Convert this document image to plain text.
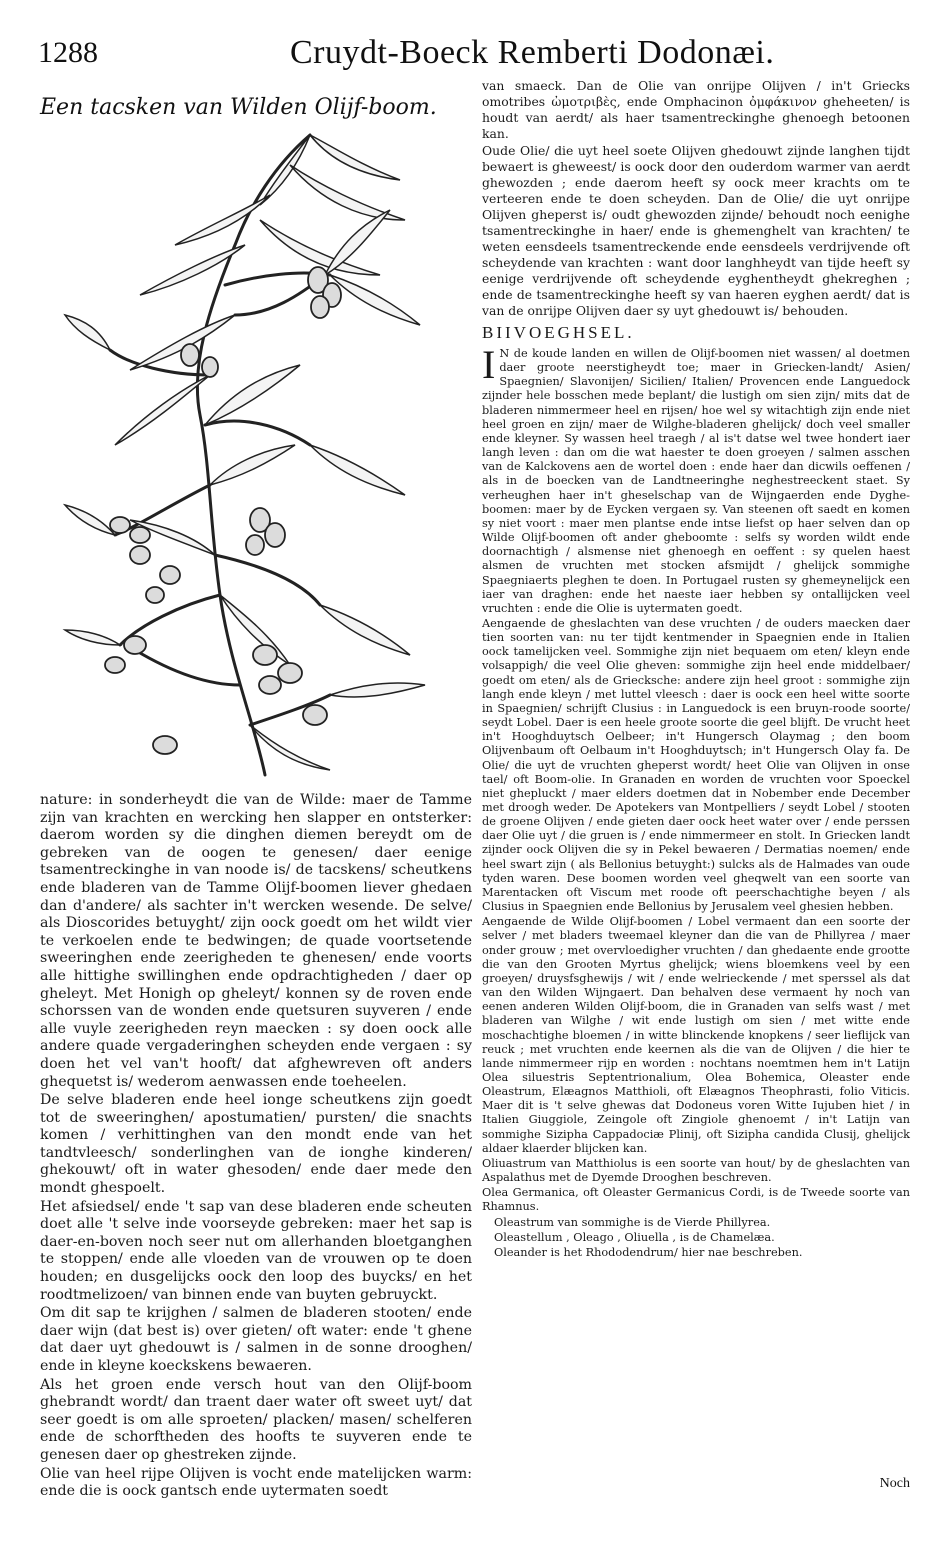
1288	Cruydt-Boeck Remberti Dodonæi.
Een tacsken van Wilden Olijf-boom.

nature: in sonderheydt die van de Wilde: maer de Tamme zijn van krachten en wercking hen slapper en ontsterker: daerom worden sy die dinghen diemen bereydt om de gebreken van de oogen te genesen/ daer eenige tsamentreckinghe in van noode is/ de tacskens/ scheutkens ende bladeren van de Tamme Olijf-boomen liever ghedaen dan d'andere/ als sachter in't wercken wesende. De selve/ als Dioscorides betuyght/ zijn oock goedt om het wildt vier te verkoelen ende te bedwingen; de quade voortsetende sweeringhen ende zeerigheden te ghenesen/ ende voorts alle hittighe swillinghen ende opdrachtigheden / daer op gheleyt. Met Honigh op gheleyt/ konnen sy de roven ende schorssen van de wonden ende quetsuren suyveren / ende alle vuyle zeerigheden reyn maecken : sy doen oock alle andere quade vergaderinghen scheyden ende vergaen : sy doen het vel van't hooft/ dat afghewreven oft anders ghequetst is/ wederom aenwassen ende toeheelen.

De selve bladeren ende heel ionge scheutkens zijn goedt tot de sweeringhen/ apostumatien/ pursten/ die snachts komen / verhittinghen van den mondt ende van het tandtvleesch/ sonderlinghen van de ionghe kinderen/ ghekouwt/ oft in water ghesoden/ ende daer mede den mondt ghespoelt.

Het afsiedsel/ ende 't sap van dese bladeren ende scheuten doet alle 't selve inde voorseyde gebreken: maer het sap is daer-en-boven noch seer nut om allerhanden bloetganghen te stoppen/ ende alle vloeden van de vrouwen op te doen houden; en dusgelijcks oock den loop des buycks/ en het roodtmelizoen/ van binnen ende van buyten gebruyckt.

Om dit sap te krijghen / salmen de bladeren stooten/ ende daer wijn (dat best is) over gieten/ oft water: ende 't ghene dat daer uyt ghedouwt is / salmen in de sonne drooghen/ ende in kleyne koeckskens bewaeren.

Als het groen ende versch hout van den Olijf-boom ghebrandt wordt/ dan traent daer water oft sweet uyt/ dat seer goedt is om alle sproeten/ placken/ masen/ schelferen ende de schorftheden des hoofts te suyveren ende te genesen daer op ghestreken zijnde.

Olie van heel rijpe Olijven is vocht ende matelijcken warm: ende die is oock gantsch ende uytermaten soedt

van smaeck. Dan de Olie van onrijpe Olijven / in't Griecks omotribes ὠμοτριβὲς, ende Omphacinon ὀμφάκινον gheheeten/ is houdt van aerdt/ als haer tsamentreckinghe ghenoegh betoonen kan.

Oude Olie/ die uyt heel soete Olijven ghedouwt zijnde langhen tijdt bewaert is gheweest/ is oock door den ouderdom warmer van aerdt ghewozden ; ende daerom heeft sy oock meer krachts om te verteeren ende te doen scheyden. Dan de Olie/ die uyt onrijpe Olijven gheperst is/ oudt ghewozden zijnde/ behoudt noch eenighe tsamentreckinghe in haer/ ende is ghemenghelt van krachten/ te weten eensdeels tsamentreckende ende eensdeels verdrijvende oft scheydende van krachten : want door langhheydt van tijde heeft sy eenige verdrijvende oft scheydende eyghentheydt ghekreghen ; ende de tsamentreckinghe heeft sy van haeren eyghen aerdt/ dat is van de onrijpe Olijven daer sy uyt ghedouwt is/ behouden.

BIIVOEGHSEL.

I N de koude landen en willen de Olijf-boomen niet wassen/ al doetmen daer groote neerstigheydt toe; maer in Griecken-landt/ Asien/ Spaegnien/ Slavonijen/ Sicilien/ Italien/ Provencen ende Languedock zijnder hele bosschen mede beplant/ die lustigh om sien zijn/ mits dat de bladeren nimmermeer heel en rijsen/ hoe wel sy witachtigh zijn ende niet heel groen en zijn/ maer de Wilghe-bladeren ghelijck/ doch veel smaller ende kleyner. Sy wassen heel traegh / al is't datse wel twee hondert iaer langh leven : dan om die wat haester te doen groeyen / salmen asschen van de Kalckovens aen de wortel doen : ende haer dan dicwils oeffenen / als in de boecken van de Landtneeringhe neghestreeckent staet. Sy verheughen haer in't gheselschap van de Wijngaerden ende Dyghe-boomen: maer by de Eycken vergaen sy. Van steenen oft saedt en komen sy niet voort : maer men plantse ende intse liefst op haer selven dan op Wilde Olijf-boomen oft ander gheboomte : selfs sy worden wildt ende doornachtigh / alsmense niet ghenoegh en oeffent : sy quelen haest alsmen de vruchten met stocken afsmijdt / ghelijck sommighe Spaegniaerts pleghen te doen. In Portugael rusten sy ghemeynelijck een iaer van draghen: ende het naeste iaer hebben sy ontallijcken veel vruchten : ende die Olie is uytermaten goedt.

Aengaende de gheslachten van dese vruchten / de ouders maecken daer tien soorten van: nu ter tijdt kentmender in Spaegnien ende in Italien oock tamelijcken veel. Sommighe zijn niet bequaem om eten/ kleyn ende volsappigh/ die veel Olie gheven: sommighe zijn heel ende middelbaer/ goedt om eten/ als de Griecksche: andere zijn heel groot : sommighe zijn langh ende kleyn / met luttel vleesch : daer is oock een heel witte soorte in Spaegnien/ schrijft Clusius : in Languedock is een bruyn-roode soorte/ seydt Lobel. Daer is een heele groote soorte die geel blijft. De vrucht heet in't Hooghduytsch Oelbeer; in't Hungersch Olaymag ; den boom Olijvenbaum oft Oelbaum in't Hooghduytsch; in't Hungersch Olay fa. De Olie/ die uyt de vruchten gheperst wordt/ heet Olie van Olijven in onse tael/ oft Boom-olie. In Granaden en worden de vruchten voor Spoeckel niet ghepluckt / maer elders doetmen dat in Nobember ende December met droogh weder. De Apotekers van Montpelliers / seydt Lobel / stooten de groene Olijven / ende gieten daer oock heet water over / ende perssen daer Olie uyt / die gruen is / ende nimmermeer en stolt. In Griecken landt zijnder oock Olijven die sy in Pekel bewaeren / Dermatias noemen/ ende heel swart zijn ( als Bellonius betuyght:) sulcks als de Halmades van oude tyden waren. Dese boomen worden veel gheqwelt van een soorte van Marentacken oft Viscum met roode oft peerschachtighe beyen / als Clusius in Spaegnien ende Bellonius by Jerusalem veel ghesien hebben.

Aengaende de Wilde Olijf-boomen / Lobel vermaent dan een soorte der selver / met bladers tweemael kleyner dan die van de Phillyrea / maer onder grouw ; met overvloedigher vruchten / dan ghedaente ende grootte die van den Grooten Myrtus ghelijck; wiens bloemkens veel by een groeyen/ druysfsghewijs / wit / ende welrieckende / met sperssel als dat van den Wilden Wijngaert. Dan behalven dese vermaent hy noch van eenen anderen Wilden Olijf-boom, die in Granaden van selfs wast / met bladeren van Wilghe / wit ende lustigh om sien / met witte ende moschachtighe bloemen / in witte blinckende knopkens / seer lieflijck van reuck ; met vruchten ende keernen als die van de Olijven / die hier te lande nimmermeer rijp en worden : nochtans noemtmen hem in't Latijn Olea siluestris Septentrionalium, Olea Bohemica, Oleaster ende Oleastrum, Elæagnos Matthioli, oft Elæagnos Theophrasti, folio Viticis. Maer dit is 't selve ghewas dat Dodoneus voren Witte Iujuben hiet / in Italien Giuggiole, Zeingole oft Zingiole ghenoemt / in't Latijn van sommighe Sizipha Cappadociæ Plinij, oft Sizipha candida Clusij, ghelijck aldaer klaerder blijcken kan.

Oliuastrum van Matthiolus is een soorte van hout/ by de gheslachten van Aspalathus met de Dyemde Drooghen beschreven.

Olea Germanica, oft Oleaster Germanicus Cordi, is de Tweede soorte van Rhamnus.

Oleastrum van sommighe is de Vierde Phillyrea.

Oleastellum , Oleago , Oliuella , is de Chamelæa.

Oleander is het Rhododendrum/ hier nae beschreben.

Noch
